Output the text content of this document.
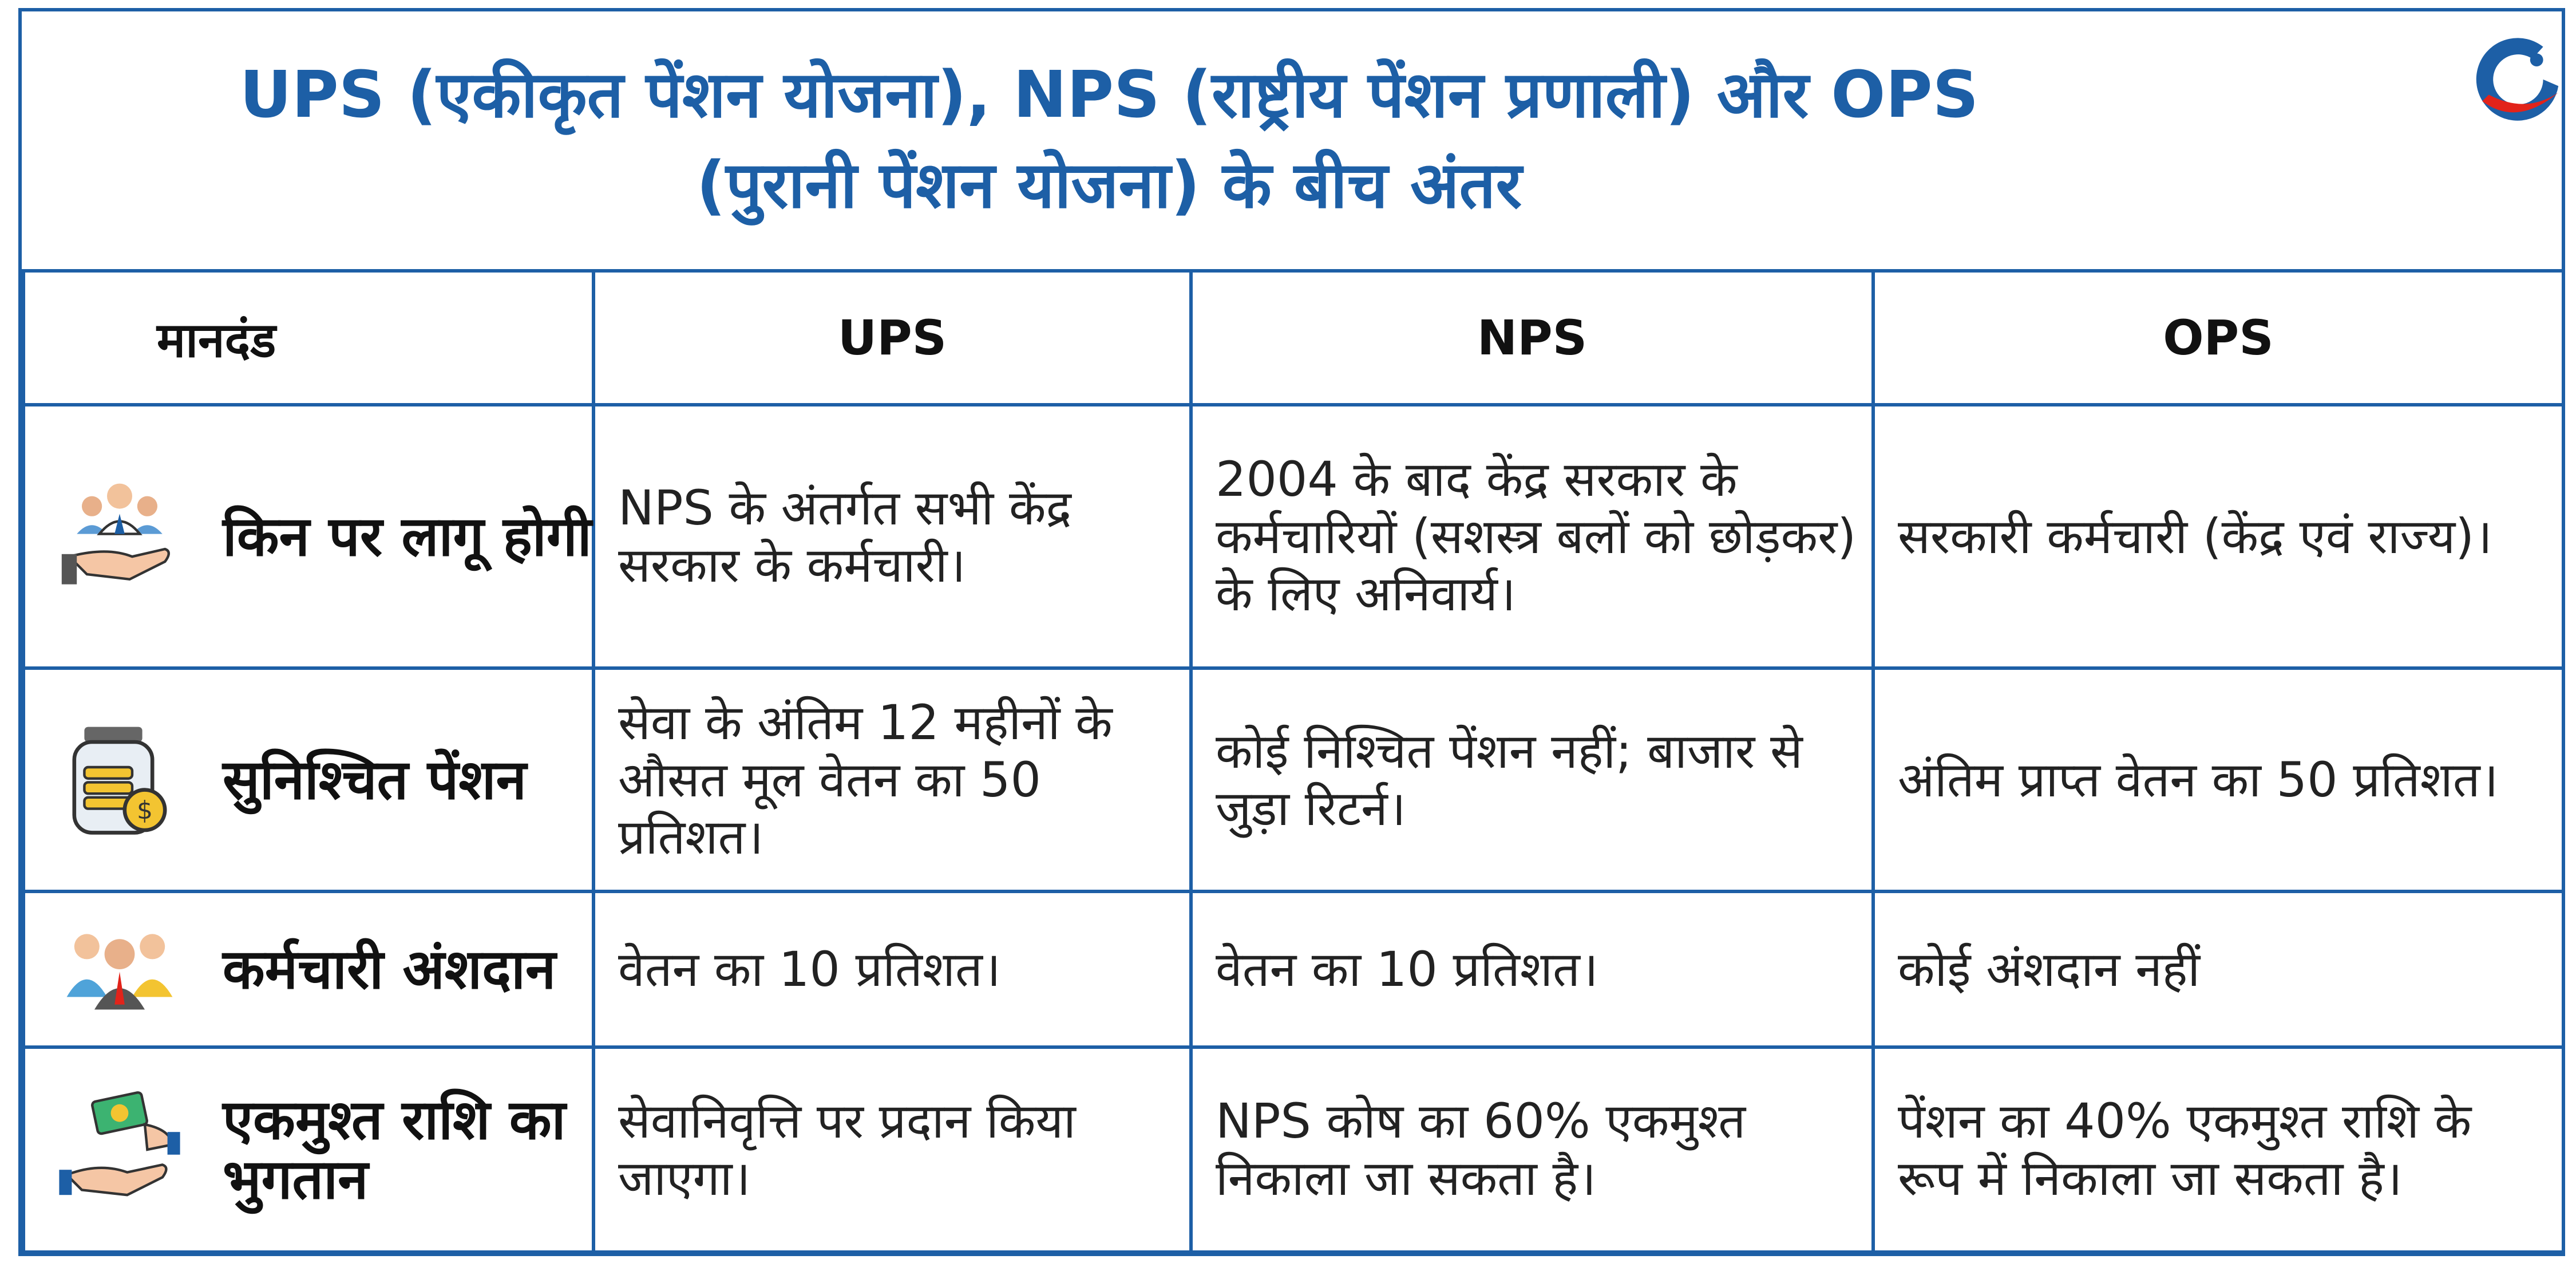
UPS (एकीकृत पेंशन योजना), NPS (राष्ट्रीय पेंशन प्रणाली) और OPS
(पुरानी पेंशन योजना) के बीच अंतर
मानदंड	UPS	NPS	OPS

किन पर लागू होगी	NPS के अंतर्गत सभी केंद्र सरकार के कर्मचारी।	2004 के बाद केंद्र सरकार के कर्मचारियों (सशस्त्र बलों को छोड़कर) के लिए अनिवार्य।	सरकारी कर्मचारी (केंद्र एवं राज्य)।

$ सुनिश्चित पेंशन	सेवा के अंतिम 12 महीनों के औसत मूल वेतन का 50 प्रतिशत।	कोई निश्चित पेंशन नहीं; बाजार से जुड़ा रिटर्न।	अंतिम प्राप्त वेतन का 50 प्रतिशत।

कर्मचारी अंशदान	वेतन का 10 प्रतिशत।	वेतन का 10 प्रतिशत।	कोई अंशदान नहीं

एकमुश्त राशि का भुगतान	सेवानिवृत्ति पर प्रदान किया जाएगा।	NPS कोष का 60% एकमुश्त निकाला जा सकता है।	पेंशन का 40% एकमुश्त राशि के रूप में निकाला जा सकता है।
